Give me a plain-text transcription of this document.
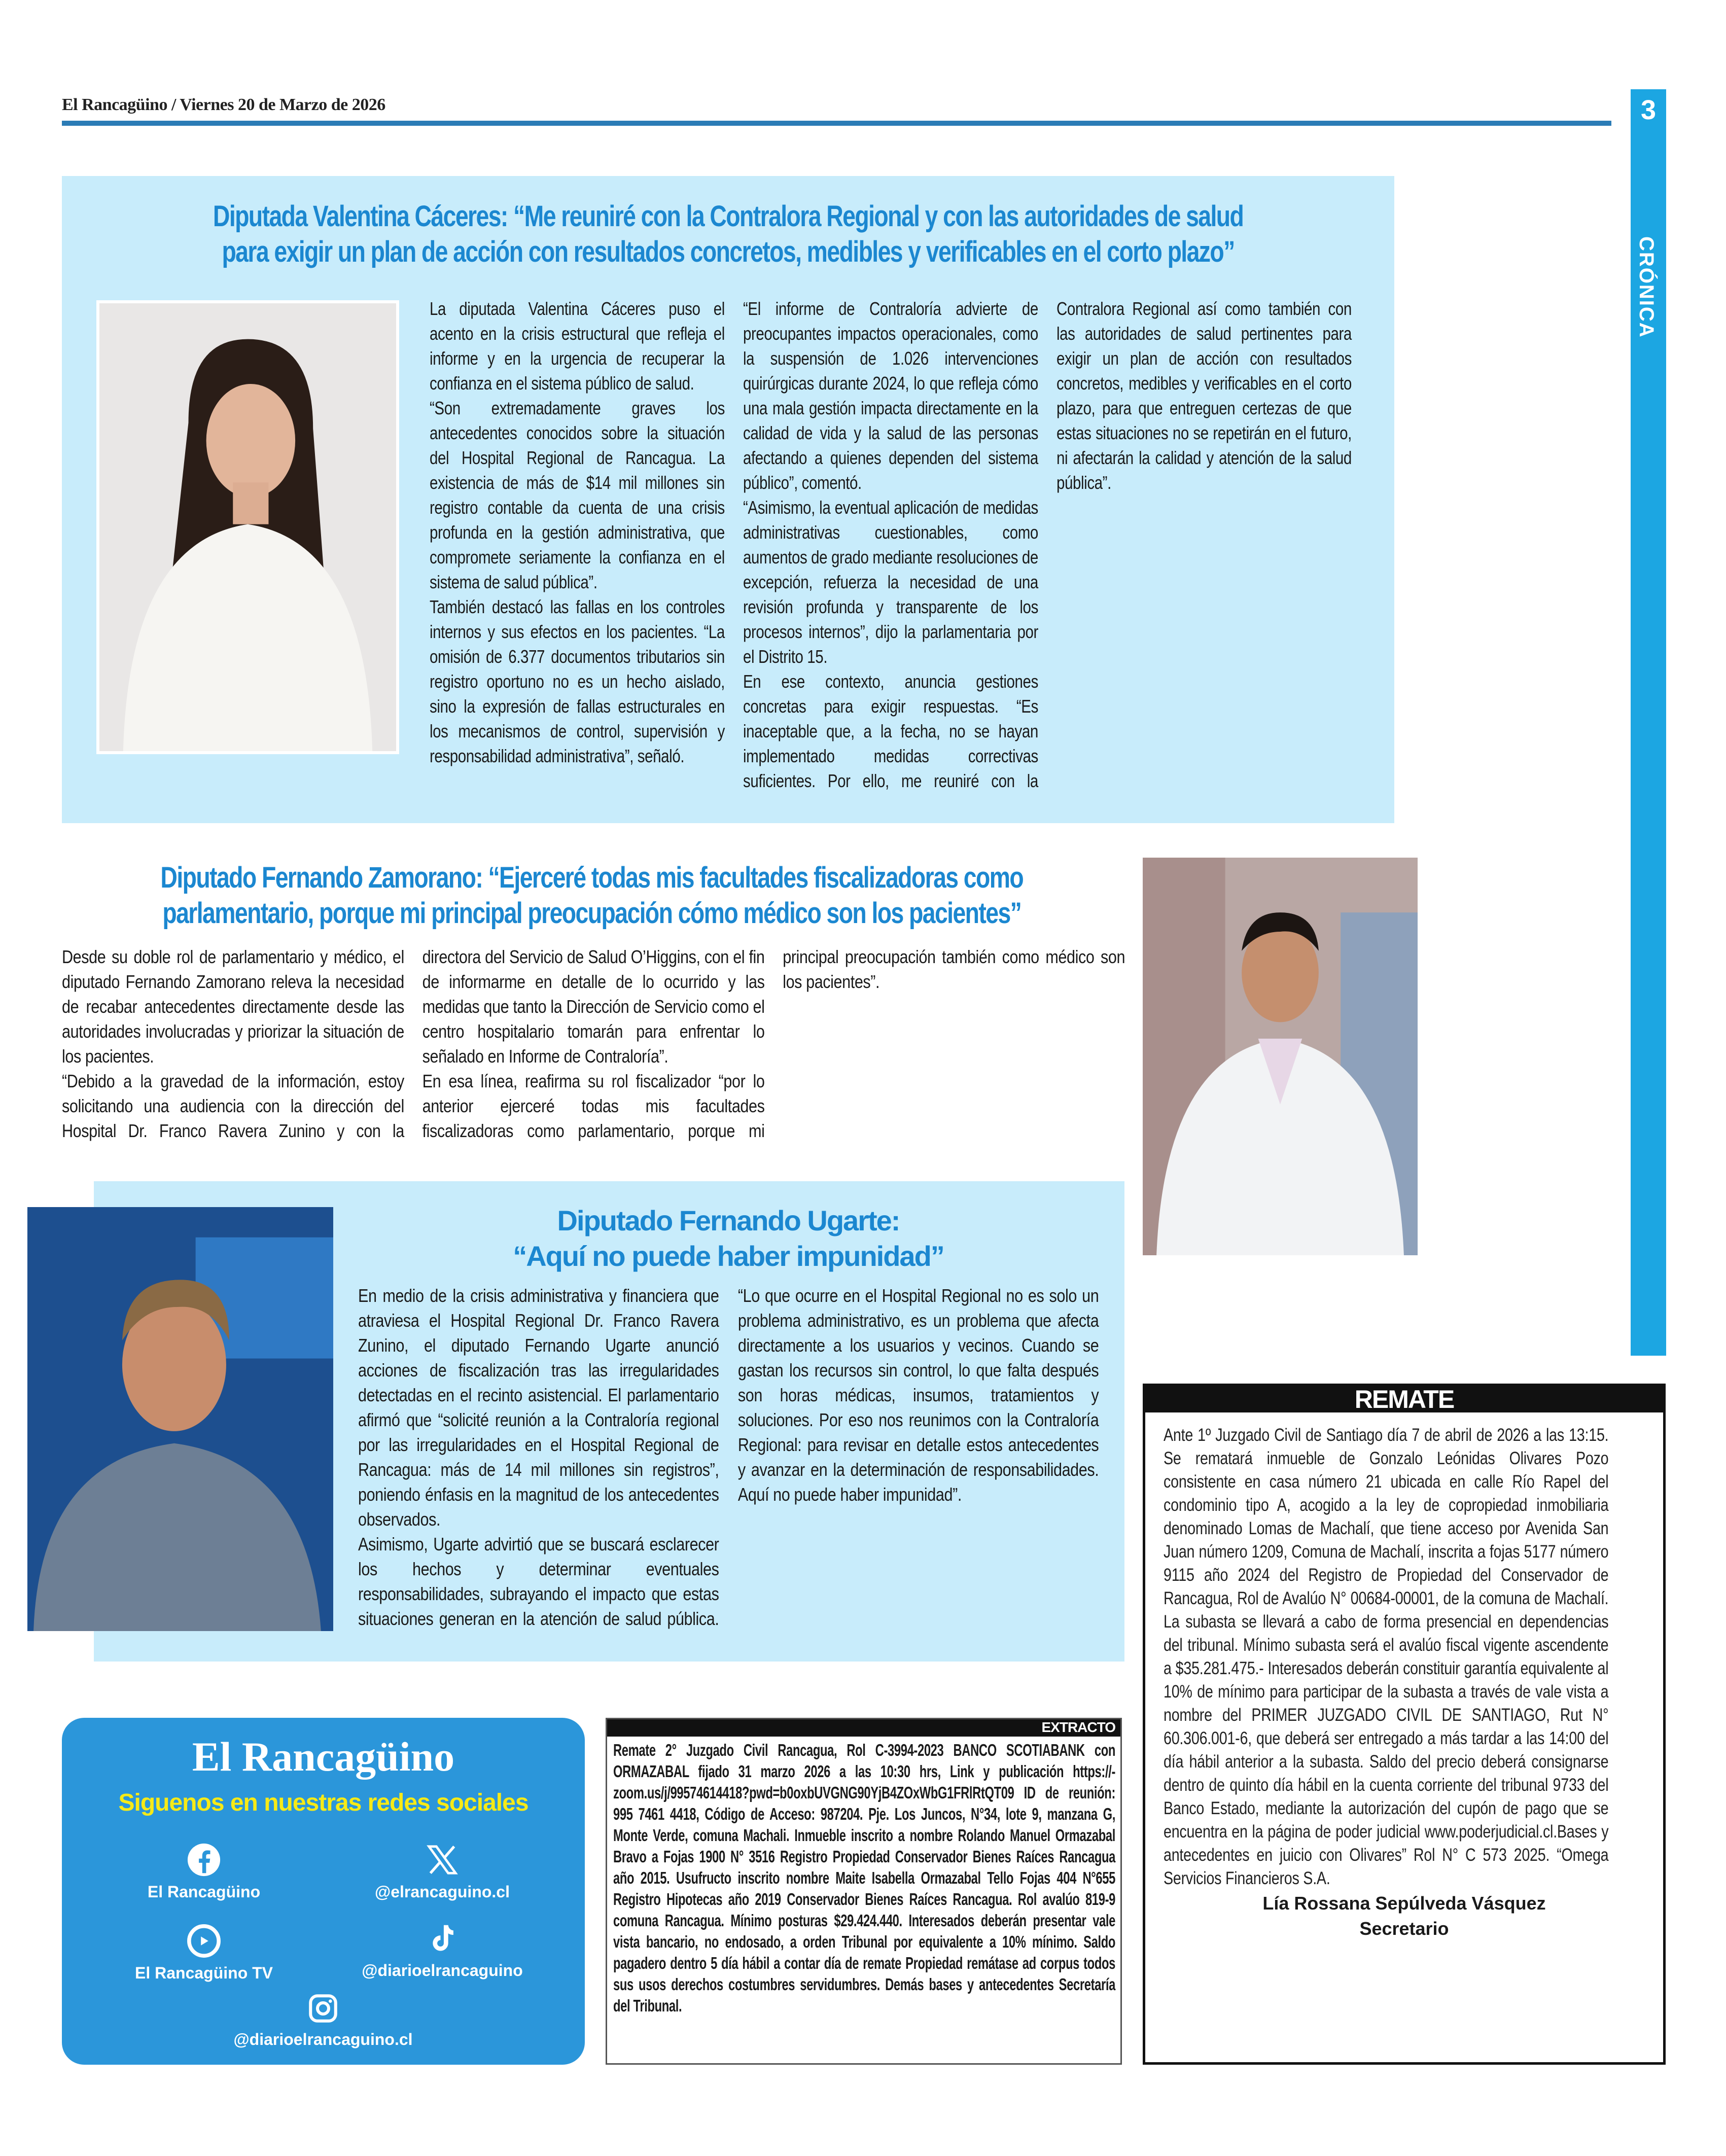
El Rancagüino / Viernes 20 de Marzo de 2026	3
CRÓNICA
Diputada Valentina Cáceres: “Me reuniré con la Contralora Regional y con las autoridades de salud
para exigir un plan de acción con resultados concretos, medibles y verificables en el corto plazo”

La diputada Valentina Cáceres puso el acento en la crisis estructural que refleja el informe y en la urgencia de recuperar la confianza en el sistema público de salud.

“Son extremadamente graves los antecedentes conocidos sobre la situación del Hospital Regional de Rancagua. La existencia de más de $14 mil millones sin registro contable da cuenta de una crisis profunda en la gestión administrativa, que compromete seriamente la confianza en el sistema de salud pública”.

También destacó las fallas en los controles internos y sus efectos en los pacientes. “La omisión de 6.377 documentos tributarios sin registro oportuno no es un hecho aislado, sino la expresión de fallas estructurales en los mecanismos de control, supervisión y responsabilidad administrativa”, señaló.

“El informe de Contraloría advierte de preocupantes impactos operacionales, como la suspensión de 1.026 intervenciones quirúrgicas durante 2024, lo que refleja cómo una mala gestión impacta directamente en la calidad de vida y la salud de las personas afectando a quienes dependen del sistema público”, comentó.

“Asimismo, la eventual aplicación de medidas administrativas cuestionables, como aumentos de grado mediante resoluciones de excepción, refuerza la necesidad de una revisión profunda y transparente de los procesos internos”, dijo la parlamentaria por el Distrito 15.

En ese contexto, anuncia gestiones concretas para exigir respuestas. “Es inaceptable que, a la fecha, no se hayan implementado medidas correctivas suficientes. Por ello, me reuniré con la Contralora Regional así como también con las autoridades de salud pertinentes para exigir un plan de acción con resultados concretos, medibles y verificables en el corto plazo, para que entreguen certezas de que estas situaciones no se repetirán en el futuro, ni afectarán la calidad y atención de la salud pública”.

Diputado Fernando Zamorano: “Ejerceré todas mis facultades fiscalizadoras como
parlamentario, porque mi principal preocupación cómo médico son los pacientes”

Desde su doble rol de parlamentario y médico, el diputado Fernando Zamorano releva la necesidad de recabar antecedentes directamente desde las autoridades involucradas y priorizar la situación de los pacientes.

“Debido a la gravedad de la información, estoy solicitando una audiencia con la dirección del Hospital Dr. Franco Ravera Zunino y con la directora del Servicio de Salud O’Higgins, con el fin de informarme en detalle de lo ocurrido y las medidas que tanto la Dirección de Servicio como el centro hospitalario tomarán para enfrentar lo señalado en Informe de Contraloría”.

En esa línea, reafirma su rol fiscalizador “por lo anterior ejerceré todas mis facultades fiscalizadoras como parlamentario, porque mi principal preocupación también como médico son los pacientes”.

Diputado Fernando Ugarte:
“Aquí no puede haber impunidad”

En medio de la crisis administrativa y financiera que atraviesa el Hospital Regional Dr. Franco Ravera Zunino, el diputado Fernando Ugarte anunció acciones de fiscalización tras las irregularidades detectadas en el recinto asistencial. El parlamentario afirmó que “solicité reunión a la Contraloría regional por las irregularidades en el Hospital Regional de Rancagua: más de 14 mil millones sin registros”, poniendo énfasis en la magnitud de los antecedentes observados.

Asimismo, Ugarte advirtió que se buscará esclarecer los hechos y determinar eventuales responsabilidades, subrayando el impacto que estas situaciones generan en la atención de salud pública. “Lo que ocurre en el Hospital Regional no es solo un problema administrativo, es un problema que afecta directamente a los usuarios y vecinos. Cuando se gastan los recursos sin control, lo que falta después son horas médicas, insumos, tratamientos y soluciones. Por eso nos reunimos con la Contraloría Regional: para revisar en detalle estos antecedentes y avanzar en la determinación de responsabilidades. Aquí no puede haber impunidad”.

El Rancagüino
Siguenos en nuestras redes sociales
El Rancagüino	@elrancaguino.cl
El Rancagüino TV	@diarioelrancaguino
@diarioelrancaguino.cl
EXTRACTO
Remate 2° Juzgado Civil Rancagua, Rol C-3994-2023 BANCO SCOTIABANK con ORMAZABAL fijado 31 marzo 2026 a las 10:30 hrs, Link y publicación https://-zoom.us/j/99574614418?pwd=b0oxbUVGNG90YjB4ZOxWbG1FRlRtQT09 ID de reunión: 995 7461 4418, Código de Acceso: 987204. Pje. Los Juncos, N°34, lote 9, manzana G, Monte Verde, comuna Machali. Inmueble inscrito a nombre Rolando Manuel Ormazabal Bravo a Fojas 1900 N° 3516 Registro Propiedad Conservador Bienes Raíces Rancagua año 2015. Usufructo inscrito nombre Maite Isabella Ormazabal Tello Fojas 404 N°655 Registro Hipotecas año 2019 Conservador Bienes Raíces Rancagua. Rol avalúo 819-9 comuna Rancagua. Mínimo posturas $29.424.440. Interesados deberán presentar vale vista bancario, no endosado, a orden Tribunal por equivalente a 10% mínimo. Saldo pagadero dentro 5 día hábil a contar día de remate Propiedad remátase ad corpus todos sus usos derechos costumbres servidumbres. Demás bases y antecedentes Secretaría del Tribunal.
REMATE
Ante 1º Juzgado Civil de Santiago día 7 de abril de 2026 a las 13:15. Se rematará inmueble de Gonzalo Leónidas Olivares Pozo consistente en casa número 21 ubicada en calle Río Rapel del condominio tipo A, acogido a la ley de copropiedad inmobiliaria denominado Lomas de Machalí, que tiene acceso por Avenida San Juan número 1209, Comuna de Machalí, inscrita a fojas 5177 número 9115 año 2024 del Registro de Propiedad del Conservador de Rancagua, Rol de Avalúo N° 00684-00001, de la comuna de Machalí. La subasta se llevará a cabo de forma presencial en dependencias del tribunal. Mínimo subasta será el avalúo fiscal vigente ascendente a $35.281.475.- Interesados deberán constituir garantía equivalente al 10% de mínimo para participar de la subasta a través de vale vista a nombre del PRIMER JUZGADO CIVIL DE SANTIAGO, Rut N° 60.306.001-6, que deberá ser entregado a más tardar a las 14:00 del día hábil anterior a la subasta. Saldo del precio deberá consignarse dentro de quinto día hábil en la cuenta corriente del tribunal 9733 del Banco Estado, mediante la autorización del cupón de pago que se encuentra en la página de poder judicial www.poderjudicial.cl.Bases y antecedentes en juicio con Olivares” Rol N° C 573 2025. “Omega Servicios Financieros S.A.
Lía Rossana Sepúlveda Vásquez
Secretario
